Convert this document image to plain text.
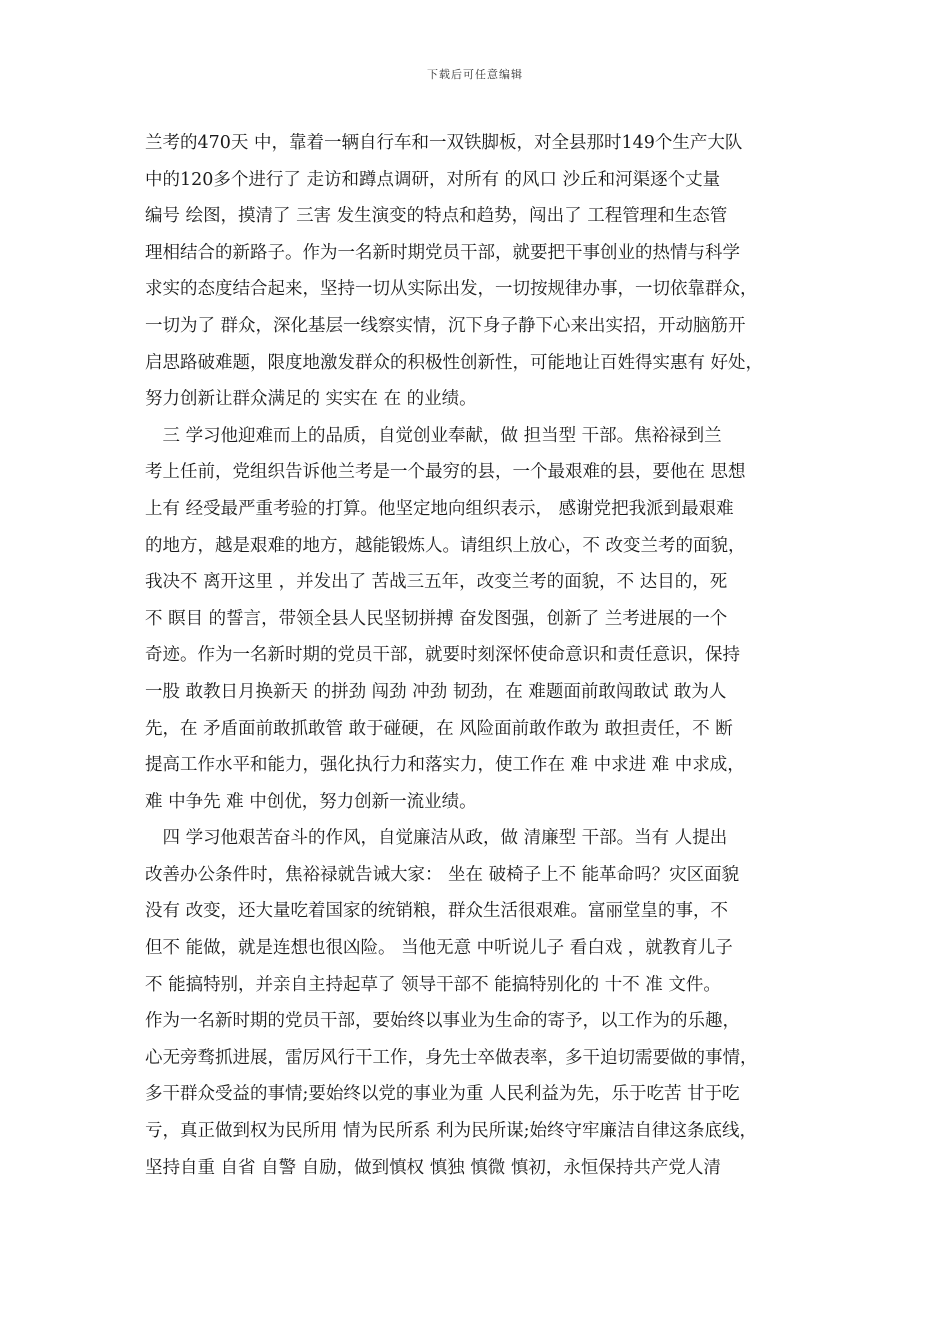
下载后可任意编辑
兰考的470天 中，靠着一辆自行车和一双铁脚板，对全县那时149个生产大队
中的120多个进行了 走访和蹲点调研，对所有 的风口 沙丘和河渠逐个丈量
编号 绘图，摸清了 三害 发生演变的特点和趋势，闯出了 工程管理和生态管
理相结合的新路子。作为一名新时期党员干部，就要把干事创业的热情与科学
求实的态度结合起来，坚持一切从实际出发，一切按规律办事，一切依靠群众，
一切为了 群众，深化基层一线察实情，沉下身子静下心来出实招，开动脑筋开
启思路破难题，限度地激发群众的积极性创新性，可能地让百姓得实惠有 好处，
努力创新让群众满足的 实实在 在 的业绩。
　三 学习他迎难而上的品质，自觉创业奉献，做 担当型 干部。焦裕禄到兰
考上任前，党组织告诉他兰考是一个最穷的县，一个最艰难的县，要他在 思想
上有 经受最严重考验的打算。他坚定地向组织表示， 感谢党把我派到最艰难
的地方，越是艰难的地方，越能锻炼人。请组织上放心，不 改变兰考的面貌，
我决不 离开这里 ，并发出了 苦战三五年，改变兰考的面貌，不 达目的，死
不 瞑目 的誓言，带领全县人民坚韧拼搏 奋发图强，创新了 兰考进展的一个
奇迹。作为一名新时期的党员干部，就要时刻深怀使命意识和责任意识，保持
一股 敢教日月换新天 的拼劲 闯劲 冲劲 韧劲，在 难题面前敢闯敢试 敢为人
先，在 矛盾面前敢抓敢管 敢于碰硬，在 风险面前敢作敢为 敢担责任，不 断
提高工作水平和能力，强化执行力和落实力，使工作在 难 中求进 难 中求成，
难 中争先 难 中创优，努力创新一流业绩。
　四 学习他艰苦奋斗的作风，自觉廉洁从政，做 清廉型 干部。当有 人提出
改善办公条件时，焦裕禄就告诫大家： 坐在 破椅子上不 能革命吗？灾区面貌
没有 改变，还大量吃着国家的统销粮，群众生活很艰难。富丽堂皇的事，不
但不 能做，就是连想也很凶险。 当他无意 中听说儿子 看白戏 ，就教育儿子
不 能搞特别，并亲自主持起草了 领导干部不 能搞特别化的 十不 准 文件。
作为一名新时期的党员干部，要始终以事业为生命的寄予，以工作为的乐趣，
心无旁骛抓进展，雷厉风行干工作，身先士卒做表率，多干迫切需要做的事情，
多干群众受益的事情;要始终以党的事业为重 人民利益为先，乐于吃苦 甘于吃
亏，真正做到权为民所用 情为民所系 利为民所谋;始终守牢廉洁自律这条底线，
坚持自重 自省 自警 自励，做到慎权 慎独 慎微 慎初，永恒保持共产党人清
